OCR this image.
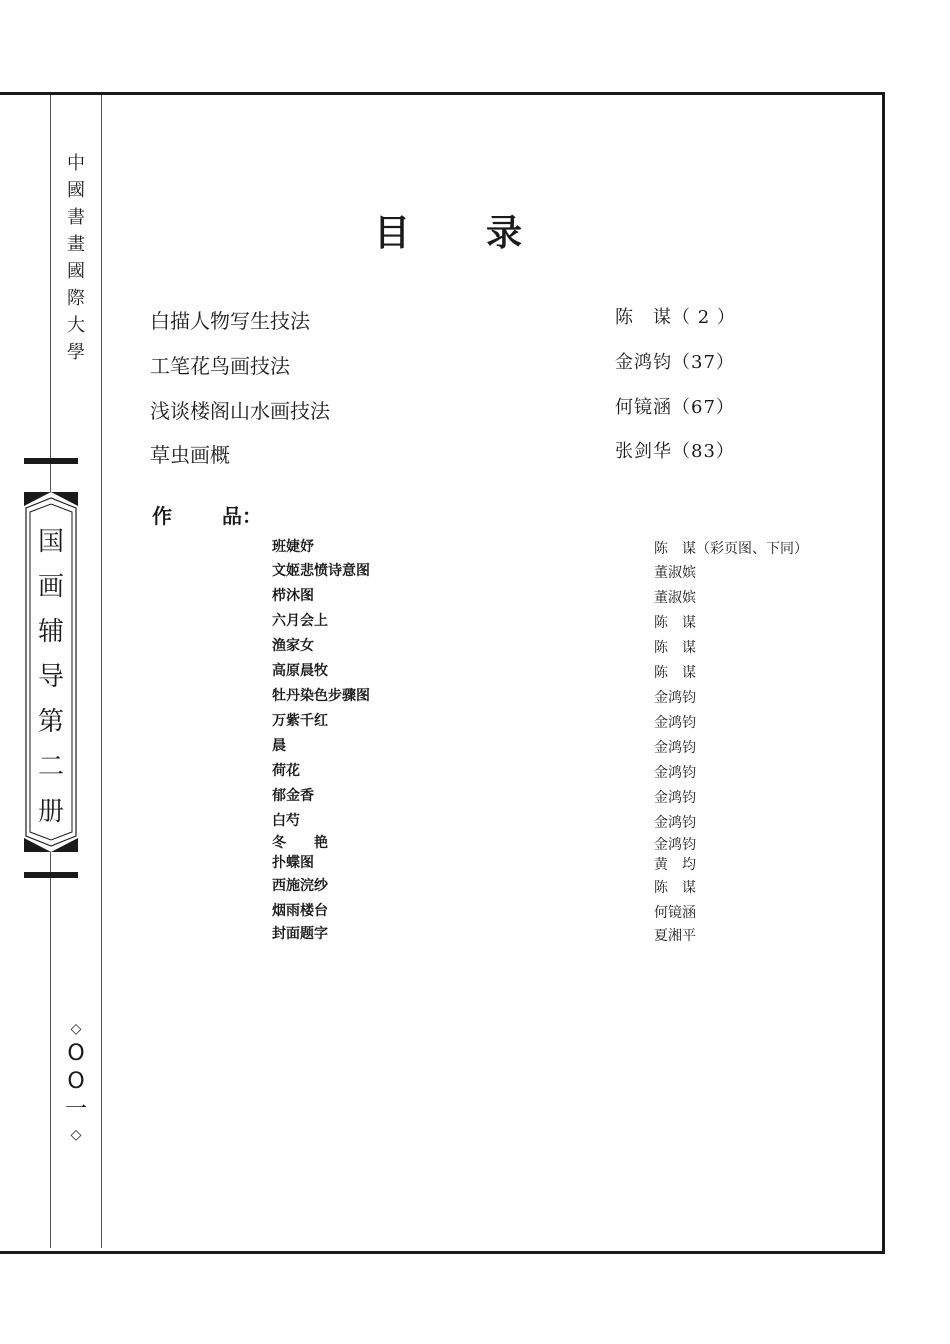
中
國
書
畫
國
際
大
學
国
画
辅
导
第
二
册
◇
O
O
一
◇
目 录
白描人物写生技法	陈　谋（ 2 ）
工笔花鸟画技法	金鸿钧（37）
浅谈楼阁山水画技法	何镜涵（67）
草虫画概	张剑华（83）
作	品：
班婕妤	陈　谋（彩页图、下同）
文姬悲愤诗意图	董淑嫔
栉沐图	董淑嫔
六月会上	陈　谋
渔家女	陈　谋
高原晨牧	陈　谋
牡丹染色步骤图	金鸿钧
万紫千红	金鸿钧
晨	金鸿钧
荷花	金鸿钧
郁金香	金鸿钧
白芍	金鸿钧
冬　　艳	金鸿钧
扑蝶图	黄　均
西施浣纱	陈　谋
烟雨楼台	何镜涵
封面题字	夏湘平
